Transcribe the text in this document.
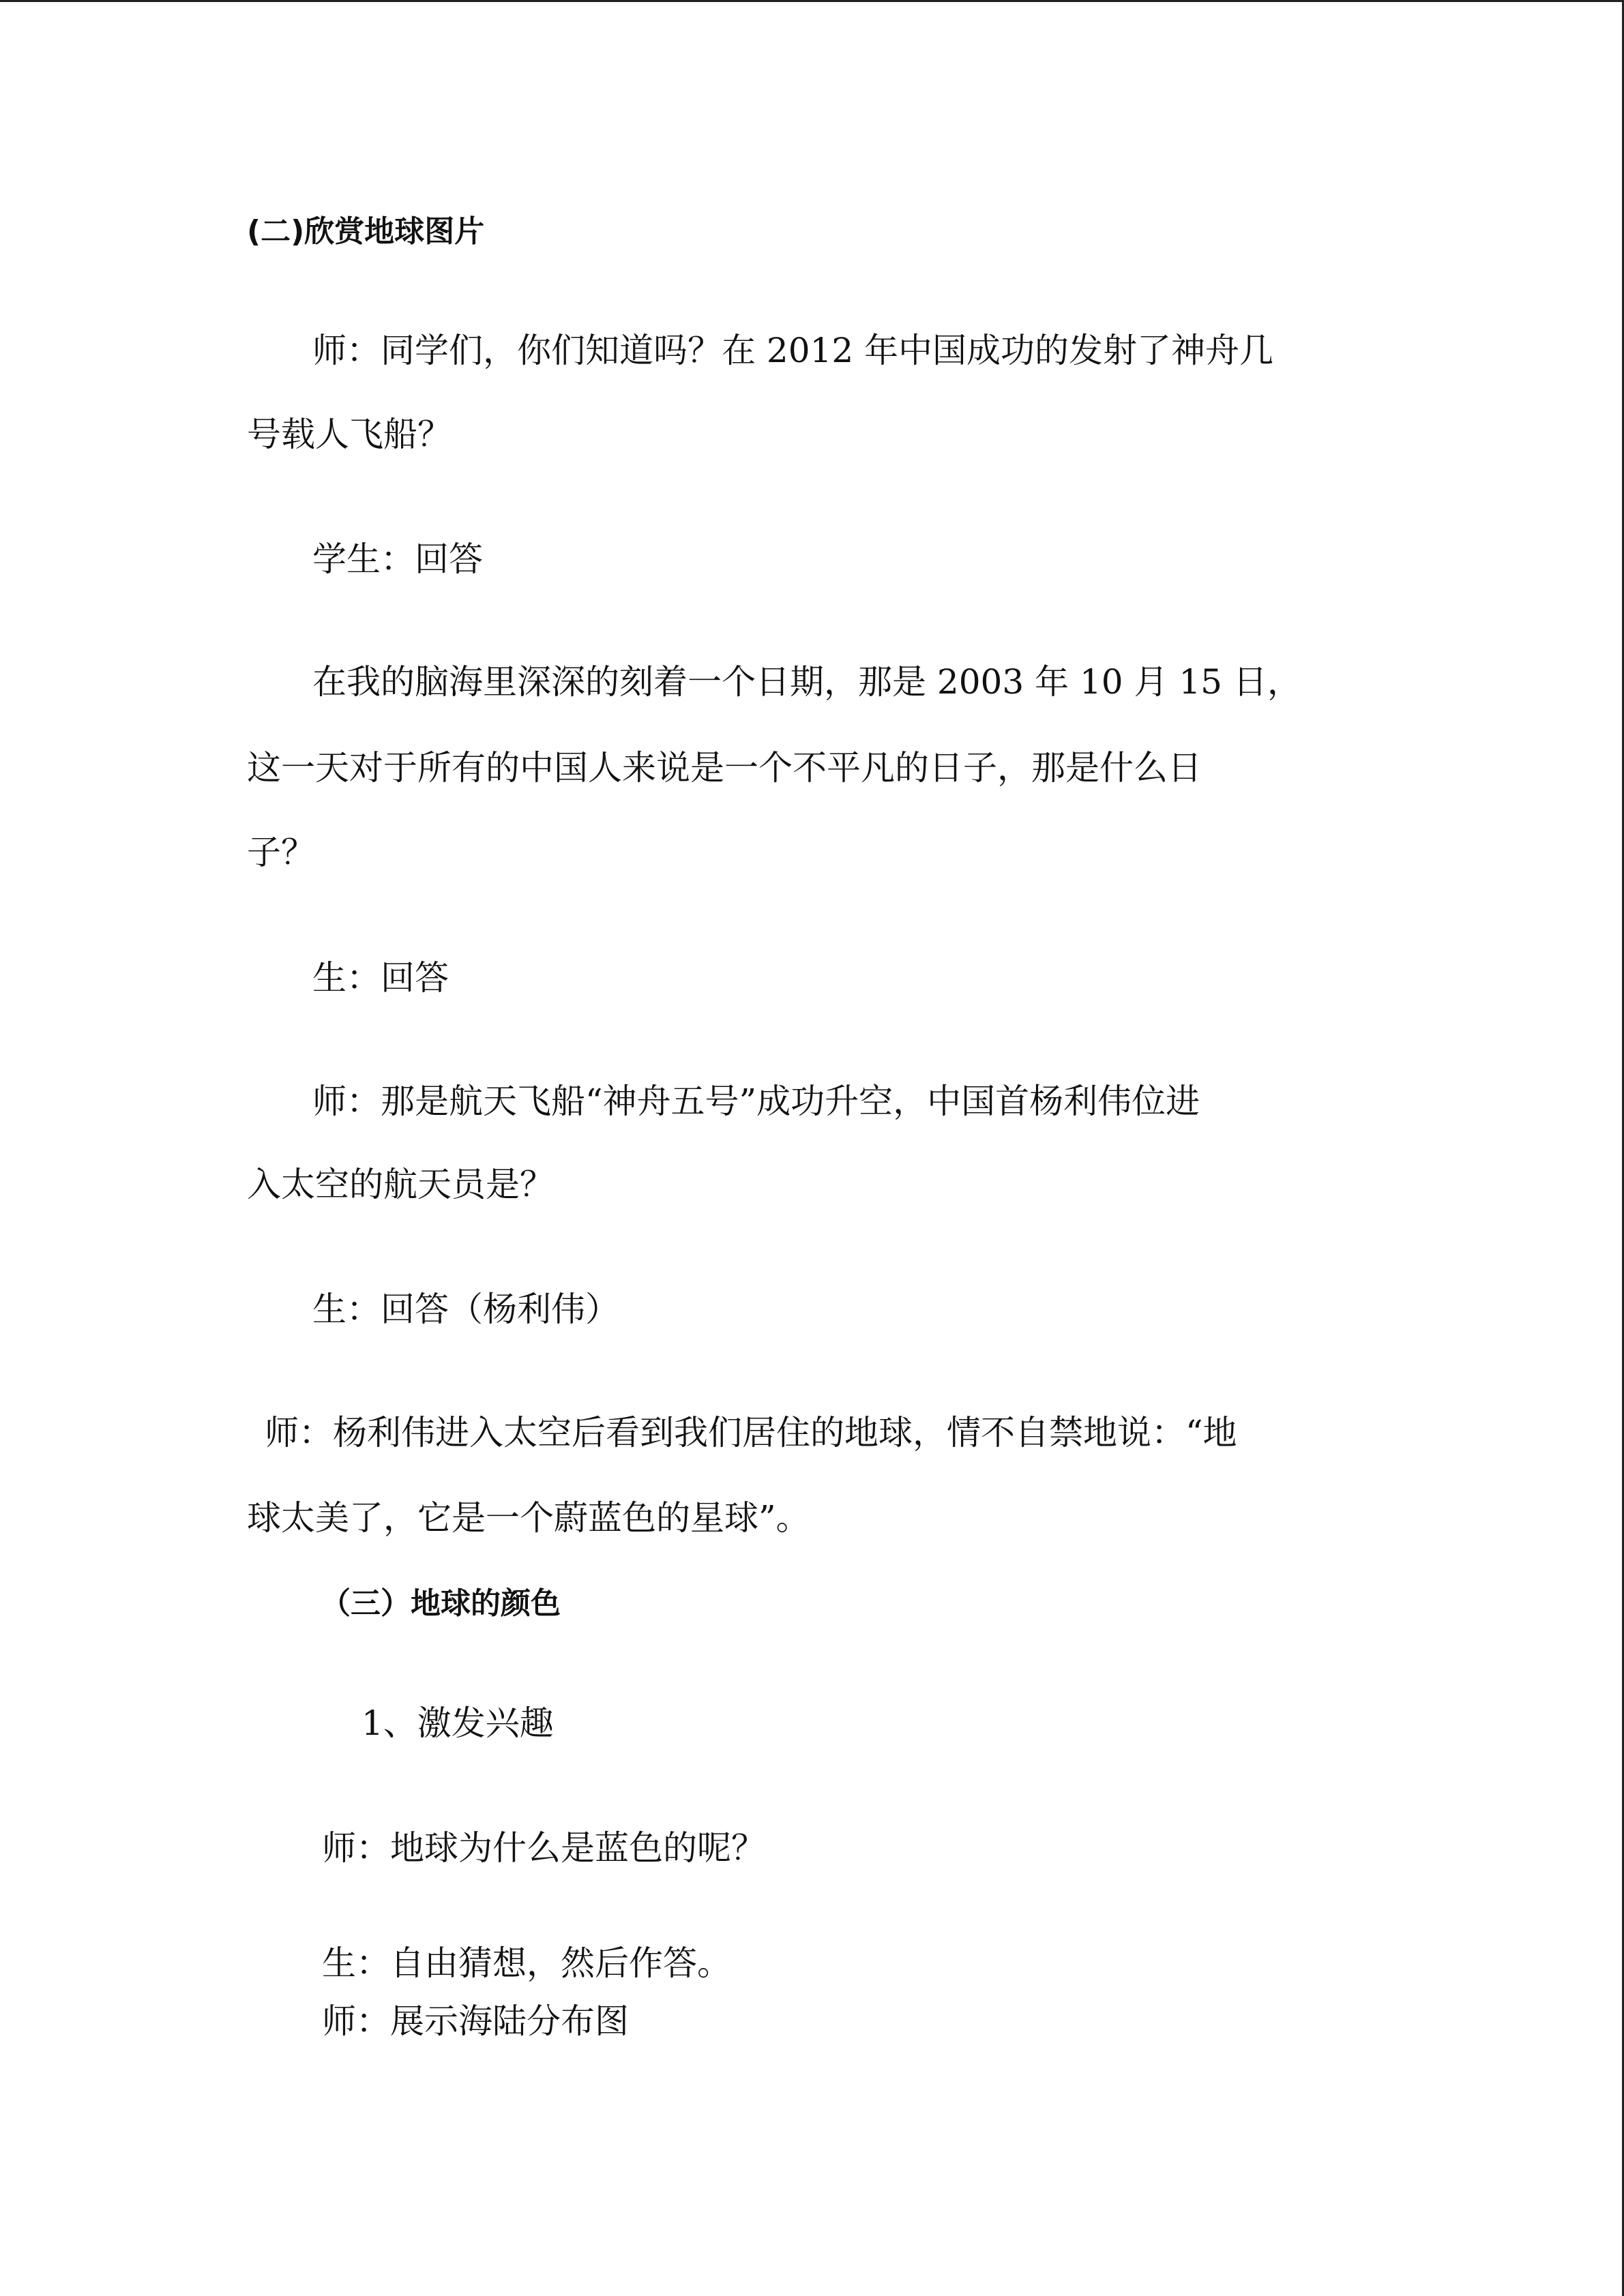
(二)欣赏地球图片
师：同学们，你们知道吗？在 2012 年中国成功的发射了神舟几
号载人飞船？
学生：回答
在我的脑海里深深的刻着一个日期，那是 2003 年 10 月 15 日，
这一天对于所有的中国人来说是一个不平凡的日子，那是什么日
子？
生：回答
师：那是航天飞船“神舟五号”成功升空，中国首杨利伟位进
入太空的航天员是？
生：回答（杨利伟）
师：杨利伟进入太空后看到我们居住的地球，情不自禁地说：“地
球太美了，它是一个蔚蓝色的星球”。
（三）地球的颜色
1、激发兴趣
师：地球为什么是蓝色的呢？
生：自由猜想，然后作答。
师：展示海陆分布图
